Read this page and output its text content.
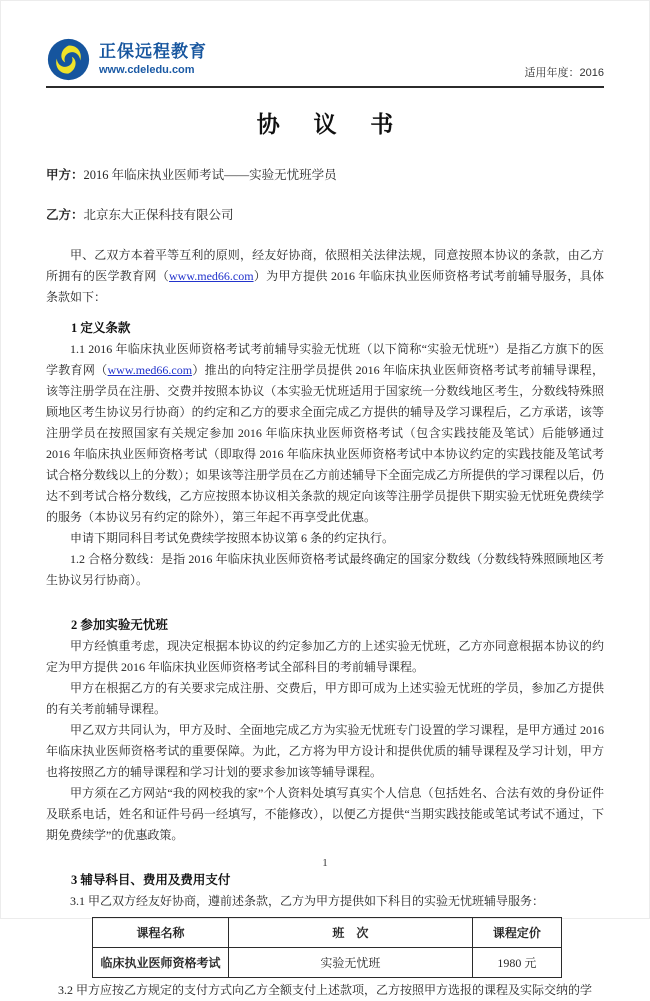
正保远程教育
www.cdeledu.com	适用年度：2016
协 议 书
甲方：2016 年临床执业医师考试——实验无忧班学员
乙方：北京东大正保科技有限公司

甲、乙双方本着平等互利的原则，经友好协商，依照相关法律法规，同意按照本协议的条款，由乙方所拥有的医学教育网（www.med66.com）为甲方提供 2016 年临床执业医师资格考试考前辅导服务，具体条款如下：

1 定义条款

1.1 2016 年临床执业医师资格考试考前辅导实验无忧班（以下简称“实验无忧班”）是指乙方旗下的医学教育网（www.med66.com）推出的向特定注册学员提供 2016 年临床执业医师资格考试考前辅导课程，该等注册学员在注册、交费并按照本协议（本实验无忧班适用于国家统一分数线地区考生，分数线特殊照顾地区考生协议另行协商）的约定和乙方的要求全面完成乙方提供的辅导及学习课程后，乙方承诺，该等注册学员在按照国家有关规定参加 2016 年临床执业医师资格考试（包含实践技能及笔试）后能够通过 2016 年临床执业医师资格考试（即取得 2016 年临床执业医师资格考试中本协议约定的实践技能及笔试考试合格分数线以上的分数）；如果该等注册学员在乙方前述辅导下全面完成乙方所提供的学习课程以后，仍达不到考试合格分数线，乙方应按照本协议相关条款的规定向该等注册学员提供下期实验无忧班免费续学的服务（本协议另有约定的除外），第三年起不再享受此优惠。

申请下期同科目考试免费续学按照本协议第 6 条的约定执行。

1.2 合格分数线：是指 2016 年临床执业医师资格考试最终确定的国家分数线（分数线特殊照顾地区考生协议另行协商）。

2 参加实验无忧班

甲方经慎重考虑，现决定根据本协议的约定参加乙方的上述实验无忧班，乙方亦同意根据本协议的约定为甲方提供 2016 年临床执业医师资格考试全部科目的考前辅导课程。

甲方在根据乙方的有关要求完成注册、交费后，甲方即可成为上述实验无忧班的学员，参加乙方提供的有关考前辅导课程。

甲乙双方共同认为，甲方及时、全面地完成乙方为实验无忧班专门设置的学习课程，是甲方通过 2016 年临床执业医师资格考试的重要保障。为此，乙方将为甲方设计和提供优质的辅导课程及学习计划，甲方也将按照乙方的辅导课程和学习计划的要求参加该等辅导课程。

甲方须在乙方网站“我的网校我的家”个人资料处填写真实个人信息（包括姓名、合法有效的身份证件及联系电话，姓名和证件号码一经填写，不能修改），以便乙方提供“当期实践技能或笔试考试不通过，下期免费续学”的优惠政策。

3 辅导科目、费用及费用支付

3.1 甲乙双方经友好协商，遵前述条款，乙方为甲方提供如下科目的实验无忧班辅导服务：

课程名称	班　次	课程定价
临床执业医师资格考试	实验无忧班	1980 元

3.2 甲方应按乙方规定的支付方式向乙方全额支付上述款项，乙方按照甲方选报的课程及实际交纳的学

1
